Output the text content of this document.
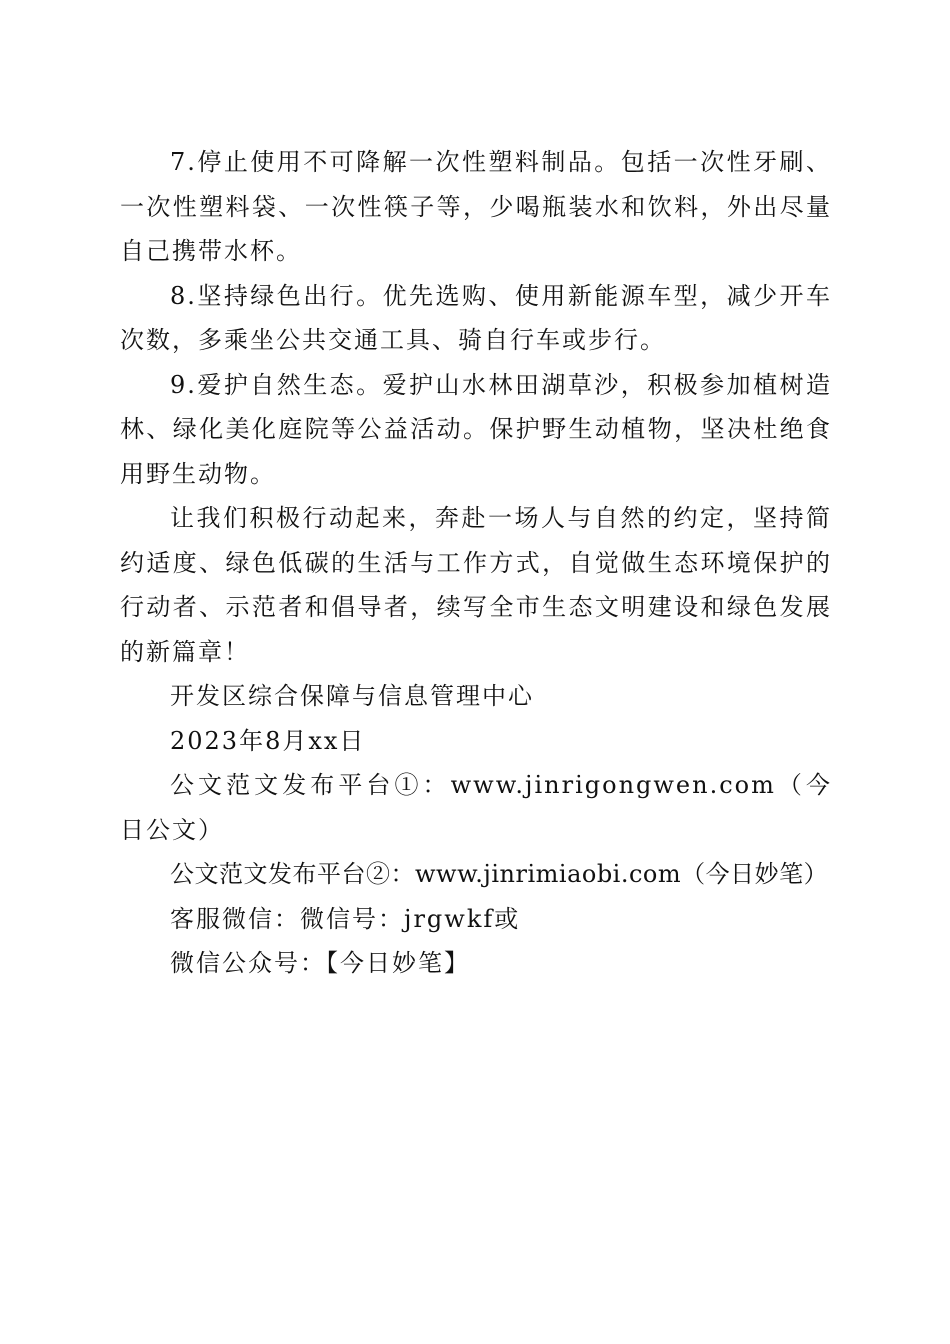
7.停止使用不可降解一次性塑料制品。包括一次性牙刷、一次性塑料袋、一次性筷子等，少喝瓶装水和饮料，外出尽量自己携带水杯。

8.坚持绿色出行。优先选购、使用新能源车型，减少开车次数，多乘坐公共交通工具、骑自行车或步行。

9.爱护自然生态。爱护山水林田湖草沙，积极参加植树造林、绿化美化庭院等公益活动。保护野生动植物，坚决杜绝食用野生动物。

让我们积极行动起来，奔赴一场人与自然的约定，坚持简约适度、绿色低碳的生活与工作方式，自觉做生态环境保护的行动者、示范者和倡导者，续写全市生态文明建设和绿色发展的新篇章！

开发区综合保障与信息管理中心

2023年8月xx日

公文范文发布平台①：www.jinrigongwen.com（今日公文）

公文范文发布平台②：www.jinrimiaobi.com（今日妙笔）

客服微信：微信号：jrgwkf或

微信公众号：【今日妙笔】
